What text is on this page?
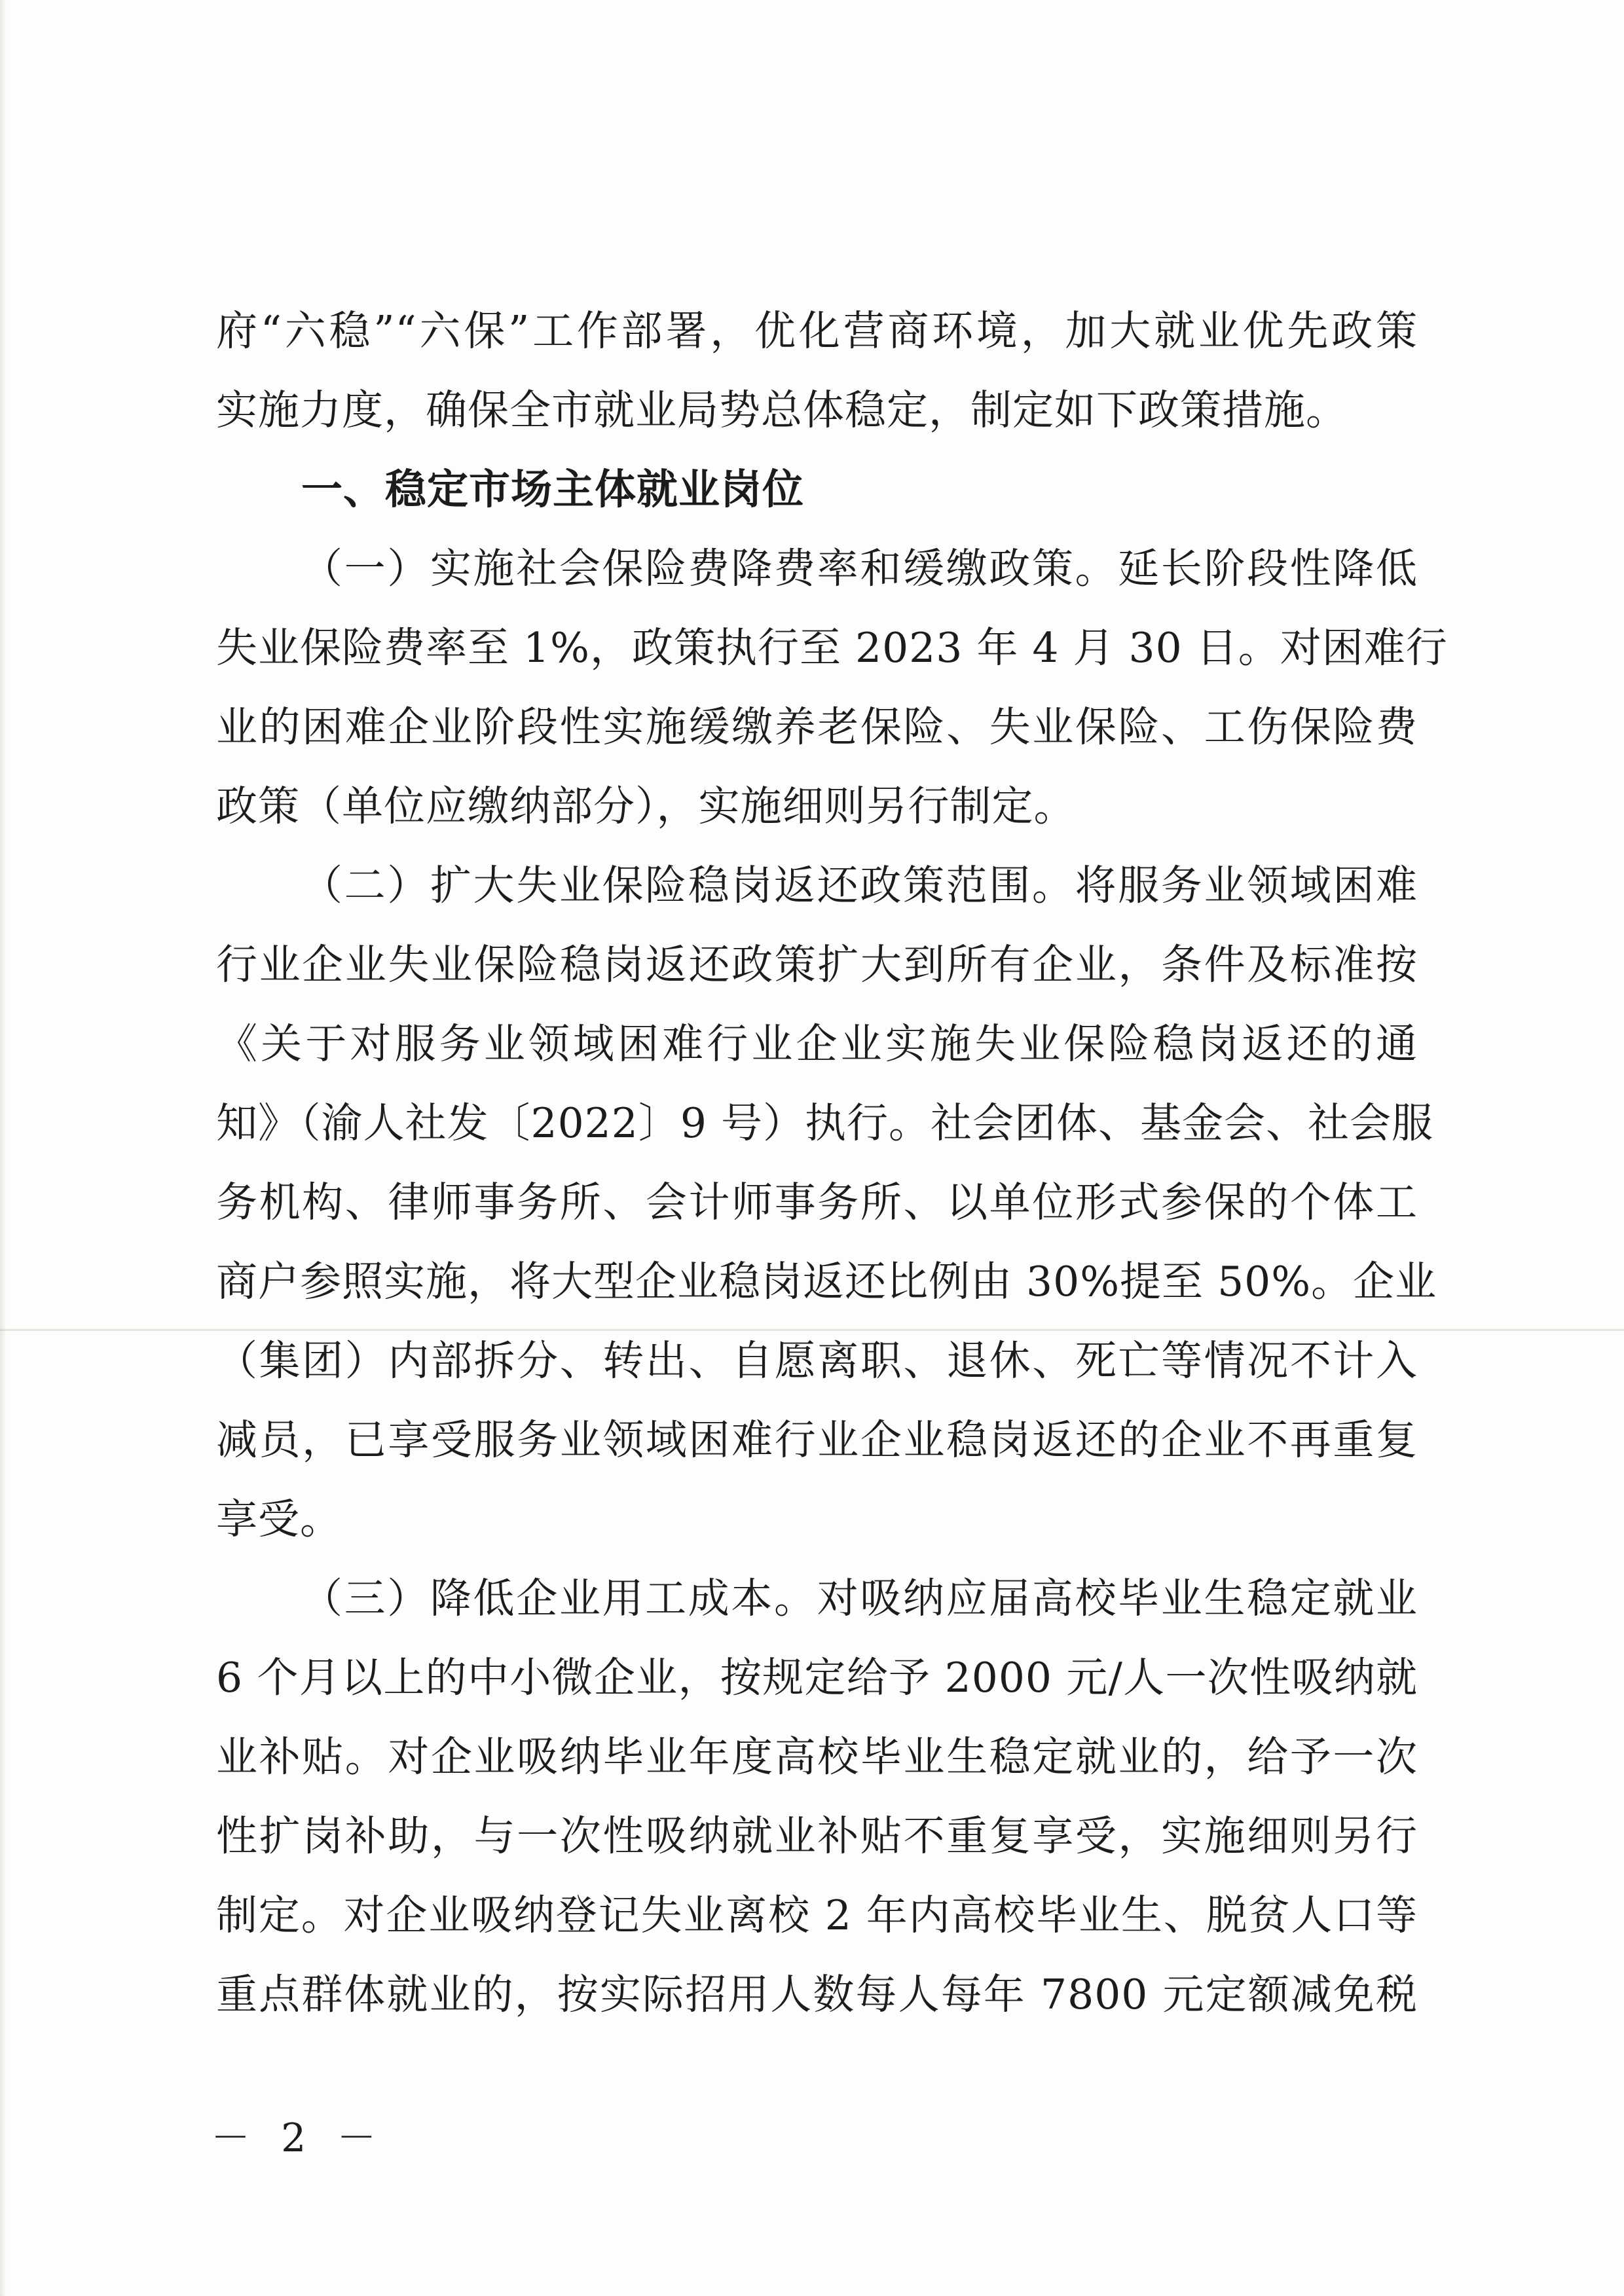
府“六稳”“六保”工作部署，优化营商环境，加大就业优先政策
实施力度，确保全市就业局势总体稳定，制定如下政策措施。
一、稳定市场主体就业岗位
（一）实施社会保险费降费率和缓缴政策。延长阶段性降低
失业保险费率至 1%，政策执行至 2023 年 4 月 30 日。对困难行
业的困难企业阶段性实施缓缴养老保险、失业保险、工伤保险费
政策（单位应缴纳部分），实施细则另行制定。
（二）扩大失业保险稳岗返还政策范围。将服务业领域困难
行业企业失业保险稳岗返还政策扩大到所有企业，条件及标准按
《关于对服务业领域困难行业企业实施失业保险稳岗返还的通
知》（渝人社发〔2022〕9 号）执行。社会团体、基金会、社会服
务机构、律师事务所、会计师事务所、以单位形式参保的个体工
商户参照实施，将大型企业稳岗返还比例由 30%提至 50%。企业
（集团）内部拆分、转出、自愿离职、退休、死亡等情况不计入
减员，已享受服务业领域困难行业企业稳岗返还的企业不再重复
享受。
（三）降低企业用工成本。对吸纳应届高校毕业生稳定就业
6 个月以上的中小微企业，按规定给予 2000 元/人一次性吸纳就
业补贴。对企业吸纳毕业年度高校毕业生稳定就业的，给予一次
性扩岗补助，与一次性吸纳就业补贴不重复享受，实施细则另行
制定。对企业吸纳登记失业离校 2 年内高校毕业生、脱贫人口等
重点群体就业的，按实际招用人数每人每年 7800 元定额减免税
－ 2 －
